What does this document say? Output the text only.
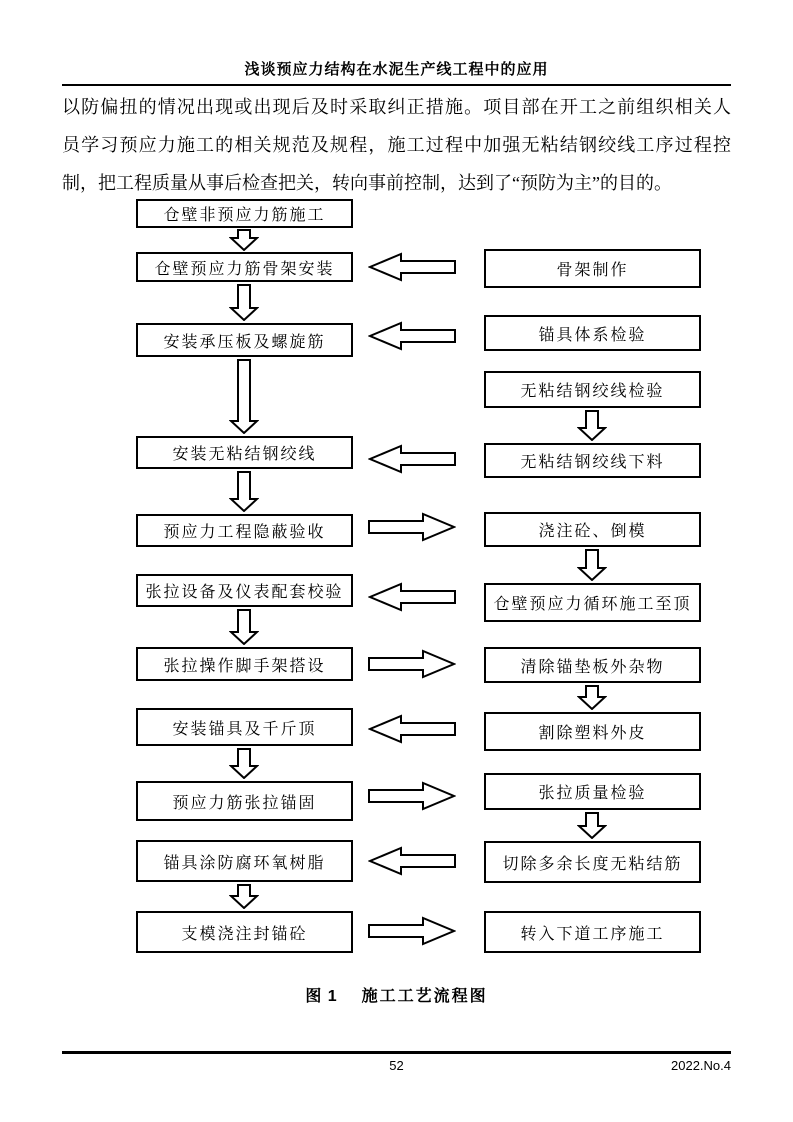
浅谈预应力结构在水泥生产线工程中的应用
以防偏扭的情况出现或出现后及时采取纠正措施。项目部在开工之前组织相关人
员学习预应力施工的相关规范及规程，施工过程中加强无粘结钢绞线工序过程控
制，把工程质量从事后检查把关，转向事前控制，达到了“预防为主”的目的。
仓壁非预应力筋施工
仓壁预应力筋骨架安装
安装承压板及螺旋筋
安装无粘结钢绞线
预应力工程隐蔽验收
张拉设备及仪表配套校验
张拉操作脚手架搭设
安装锚具及千斤顶
预应力筋张拉锚固
锚具涂防腐环氧树脂
支模浇注封锚砼
骨架制作
锚具体系检验
无粘结钢绞线检验
无粘结钢绞线下料
浇注砼、倒模
仓壁预应力循环施工至顶
清除锚垫板外杂物
割除塑料外皮
张拉质量检验
切除多余长度无粘结筋
转入下道工序施工
图 1 施工工艺流程图
52	2022.No.4
